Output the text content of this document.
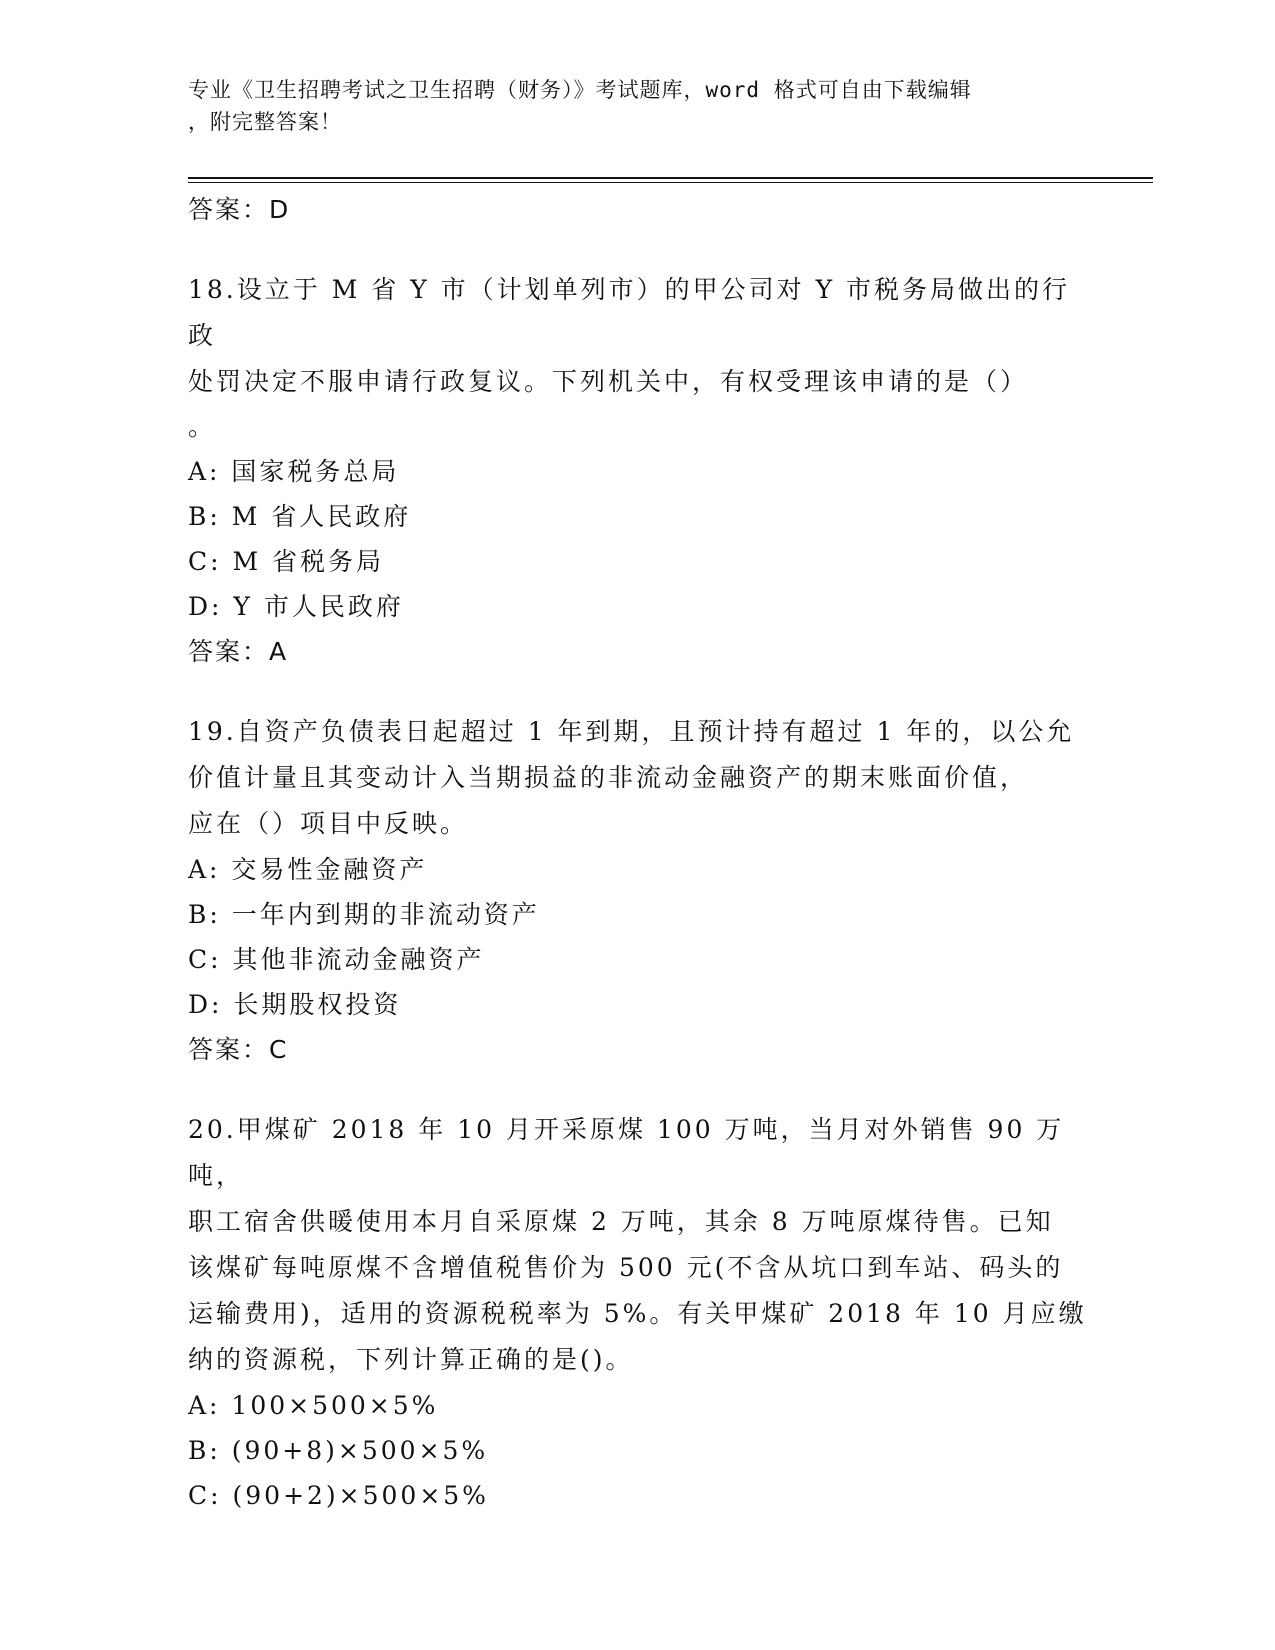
专业《卫生招聘考试之卫生招聘（财务）》考试题库，word 格式可自由下载编辑
，附完整答案！
答案：D
18.设立于 M 省 Y 市（计划单列市）的甲公司对 Y 市税务局做出的行政
处罚决定不服申请行政复议。下列机关中，有权受理该申请的是（）
。
A: 国家税务总局
B: M 省人民政府
C: M 省税务局
D: Y 市人民政府
答案：A
19.自资产负债表日起超过 1 年到期，且预计持有超过 1 年的，以公允
价值计量且其变动计入当期损益的非流动金融资产的期末账面价值，
应在（）项目中反映。
A: 交易性金融资产
B: 一年内到期的非流动资产
C: 其他非流动金融资产
D: 长期股权投资
答案：C
20.甲煤矿 2018 年 10 月开采原煤 100 万吨，当月对外销售 90 万吨，
职工宿舍供暖使用本月自采原煤 2 万吨，其余 8 万吨原煤待售。已知
该煤矿每吨原煤不含增值税售价为 500 元(不含从坑口到车站、码头的
运输费用)，适用的资源税税率为 5%。有关甲煤矿 2018 年 10 月应缴
纳的资源税，下列计算正确的是()。
A: 100×500×5%
B: (90+8)×500×5%
C: (90+2)×500×5%
